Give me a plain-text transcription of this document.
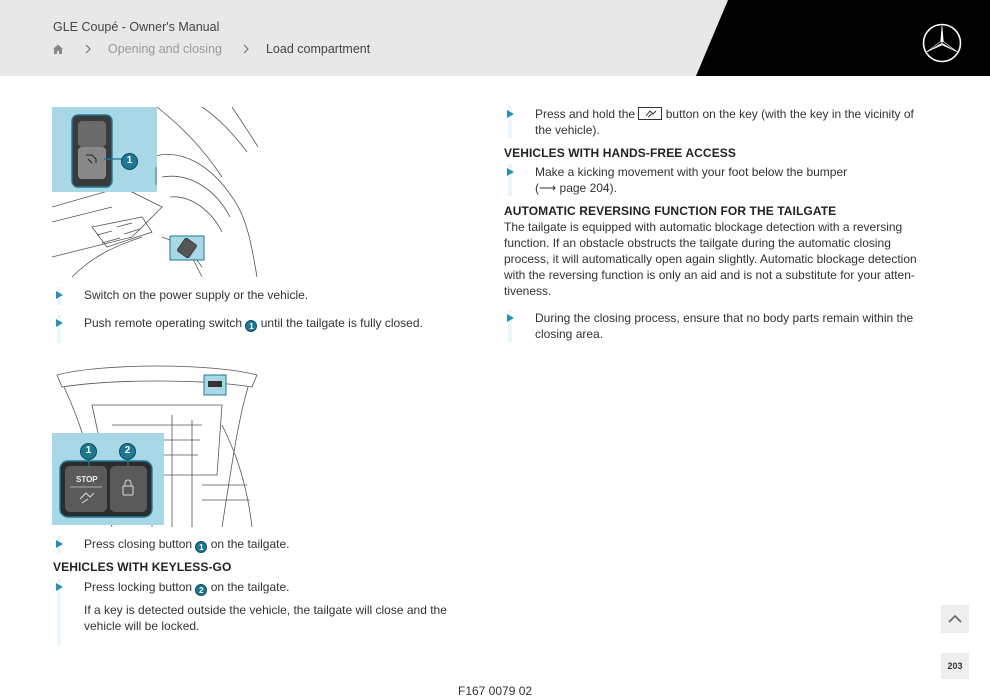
GLE Coupé - Owner's Manual
Opening and closing	Load compartment
1
Switch on the power supply or the vehicle.
Push remote operating switch 1 until the tailgate is fully closed.
1	2
STOP
Press closing button 1 on the tailgate.
VEHICLES WITH KEYLESS-GO
Press locking button 2 on the tailgate.
If a key is detected outside the vehicle, the tailgate will close and the
vehicle will be locked.
Press and hold the
button on the key (with the key in the vicinity of
the vehicle).
VEHICLES WITH HANDS-FREE ACCESS
Make a kicking movement with your foot below the bumper
(⟶ page 204).
AUTOMATIC REVERSING FUNCTION FOR THE TAILGATE
The tailgate is equipped with automatic blockage detection with a reversing
function. If an obstacle obstructs the tailgate during the automatic closing
process, it will automatically open again slightly. Automatic blockage detection
with the reversing function is only an aid and is not a substitute for your atten-
tiveness.
During the closing process, ensure that no body parts remain within the
closing area.
203
F167 0079 02
